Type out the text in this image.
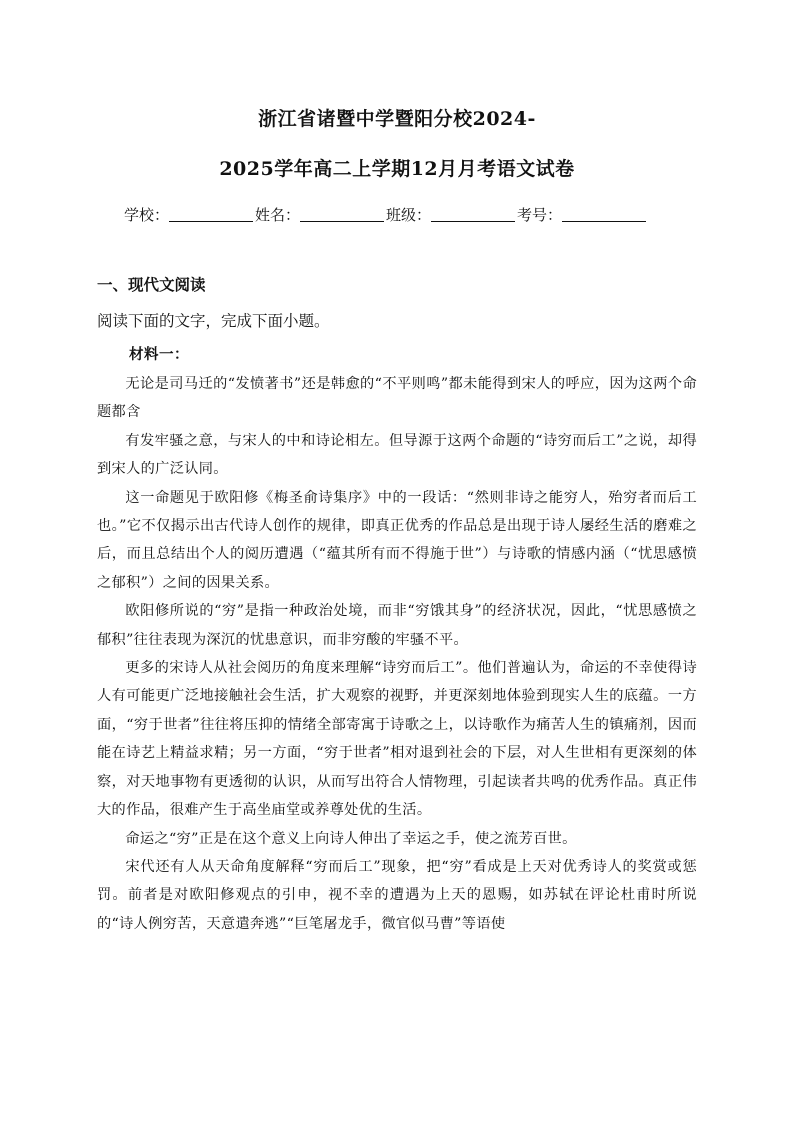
浙江省诸暨中学暨阳分校2024-
2025学年高二上学期12月月考语文试卷
学校：	姓名：	班级：	考号：
一、现代文阅读
阅读下面的文字，完成下面小题。
材料一：

无论是司马迁的“发愤著书”还是韩愈的“不平则鸣”都未能得到宋人的呼应，因为这两个命题都含

有发牢骚之意，与宋人的中和诗论相左。但导源于这两个命题的“诗穷而后工”之说，却得到宋人的广泛认同。

这一命题见于欧阳修《梅圣俞诗集序》中的一段话：“然则非诗之能穷人，殆穷者而后工也。”它不仅揭示出古代诗人创作的规律，即真正优秀的作品总是出现于诗人屡经生活的磨难之后，而且总结出个人的阅历遭遇（“蕴其所有而不得施于世”）与诗歌的情感内涵（“忧思感愤之郁积”）之间的因果关系。

欧阳修所说的“穷”是指一种政治处境，而非“穷饿其身”的经济状况，因此，“忧思感愤之郁积”往往表现为深沉的忧患意识，而非穷酸的牢骚不平。

更多的宋诗人从社会阅历的角度来理解“诗穷而后工”。他们普遍认为，命运的不幸使得诗人有可能更广泛地接触社会生活，扩大观察的视野，并更深刻地体验到现实人生的底蕴。一方面，“穷于世者”往往将压抑的情绪全部寄寓于诗歌之上，以诗歌作为痛苦人生的镇痛剂，因而能在诗艺上精益求精；另一方面，“穷于世者”相对退到社会的下层，对人生世相有更深刻的体察，对天地事物有更透彻的认识，从而写出符合人情物理，引起读者共鸣的优秀作品。真正伟大的作品，很难产生于高坐庙堂或养尊处优的生活。

命运之“穷”正是在这个意义上向诗人伸出了幸运之手，使之流芳百世。

宋代还有人从天命角度解释“穷而后工”现象，把“穷”看成是上天对优秀诗人的奖赏或惩罚。前者是对欧阳修观点的引申，视不幸的遭遇为上天的恩赐，如苏轼在评论杜甫时所说的“诗人例穷苦，天意遣奔逃”“巨笔屠龙手，微官似马曹”等语使
